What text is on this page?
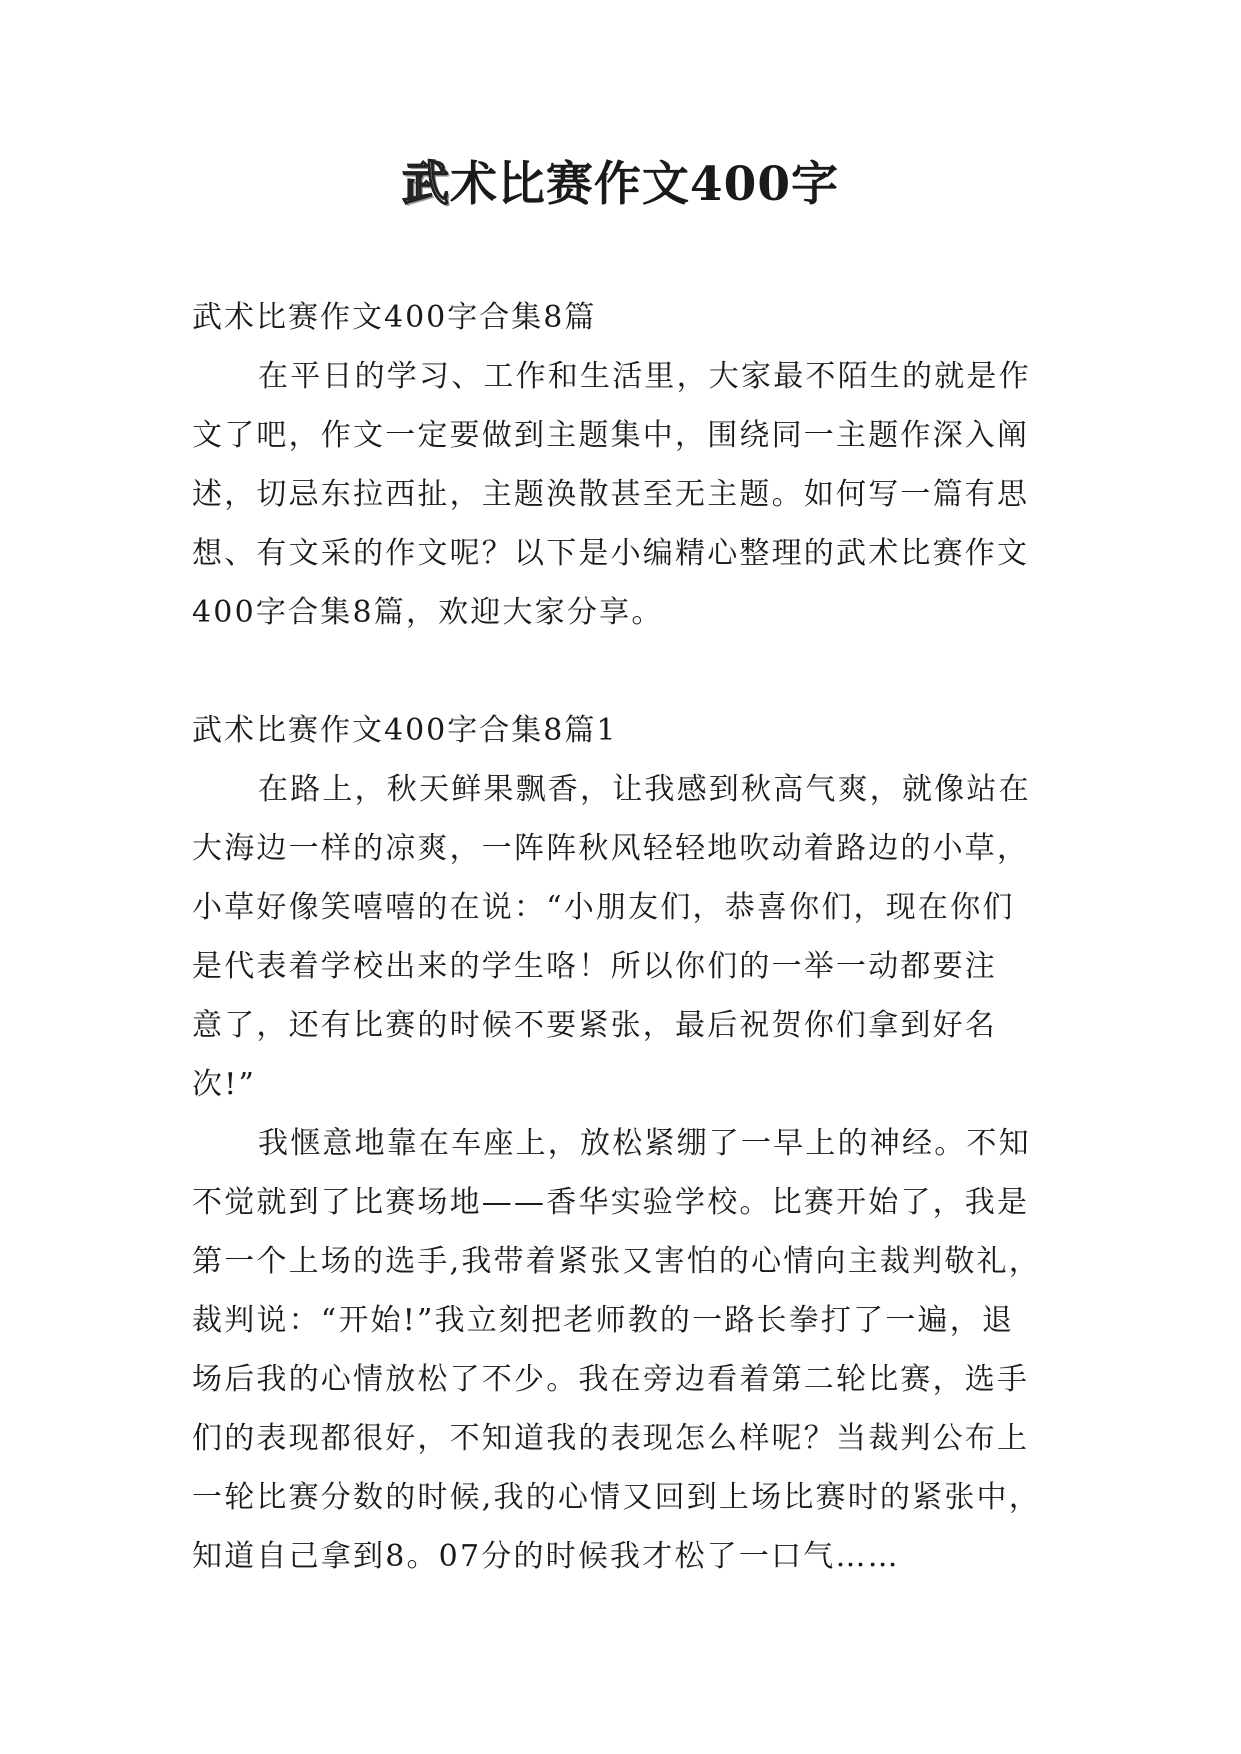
武术比赛作文400字
武术比赛作文400字合集8篇
在平日的学习、工作和生活里，大家最不陌生的就是作
文了吧，作文一定要做到主题集中，围绕同一主题作深入阐
述，切忌东拉西扯，主题涣散甚至无主题。如何写一篇有思
想、有文采的作文呢？以下是小编精心整理的武术比赛作文
400字合集8篇，欢迎大家分享。
武术比赛作文400字合集8篇1
在路上，秋天鲜果飘香，让我感到秋高气爽，就像站在
大海边一样的凉爽，一阵阵秋风轻轻地吹动着路边的小草，
小草好像笑嘻嘻的在说：“小朋友们，恭喜你们，现在你们
是代表着学校出来的学生咯！所以你们的一举一动都要注
意了，还有比赛的时候不要紧张，最后祝贺你们拿到好名
次!”
我惬意地靠在车座上，放松紧绷了一早上的神经。不知
不觉就到了比赛场地——香华实验学校。比赛开始了，我是
第一个上场的选手,我带着紧张又害怕的心情向主裁判敬礼，
裁判说：“开始!”我立刻把老师教的一路长拳打了一遍，退
场后我的心情放松了不少。我在旁边看着第二轮比赛，选手
们的表现都很好，不知道我的表现怎么样呢？当裁判公布上
一轮比赛分数的时候,我的心情又回到上场比赛时的紧张中，
知道自己拿到8。07分的时候我才松了一口气……
